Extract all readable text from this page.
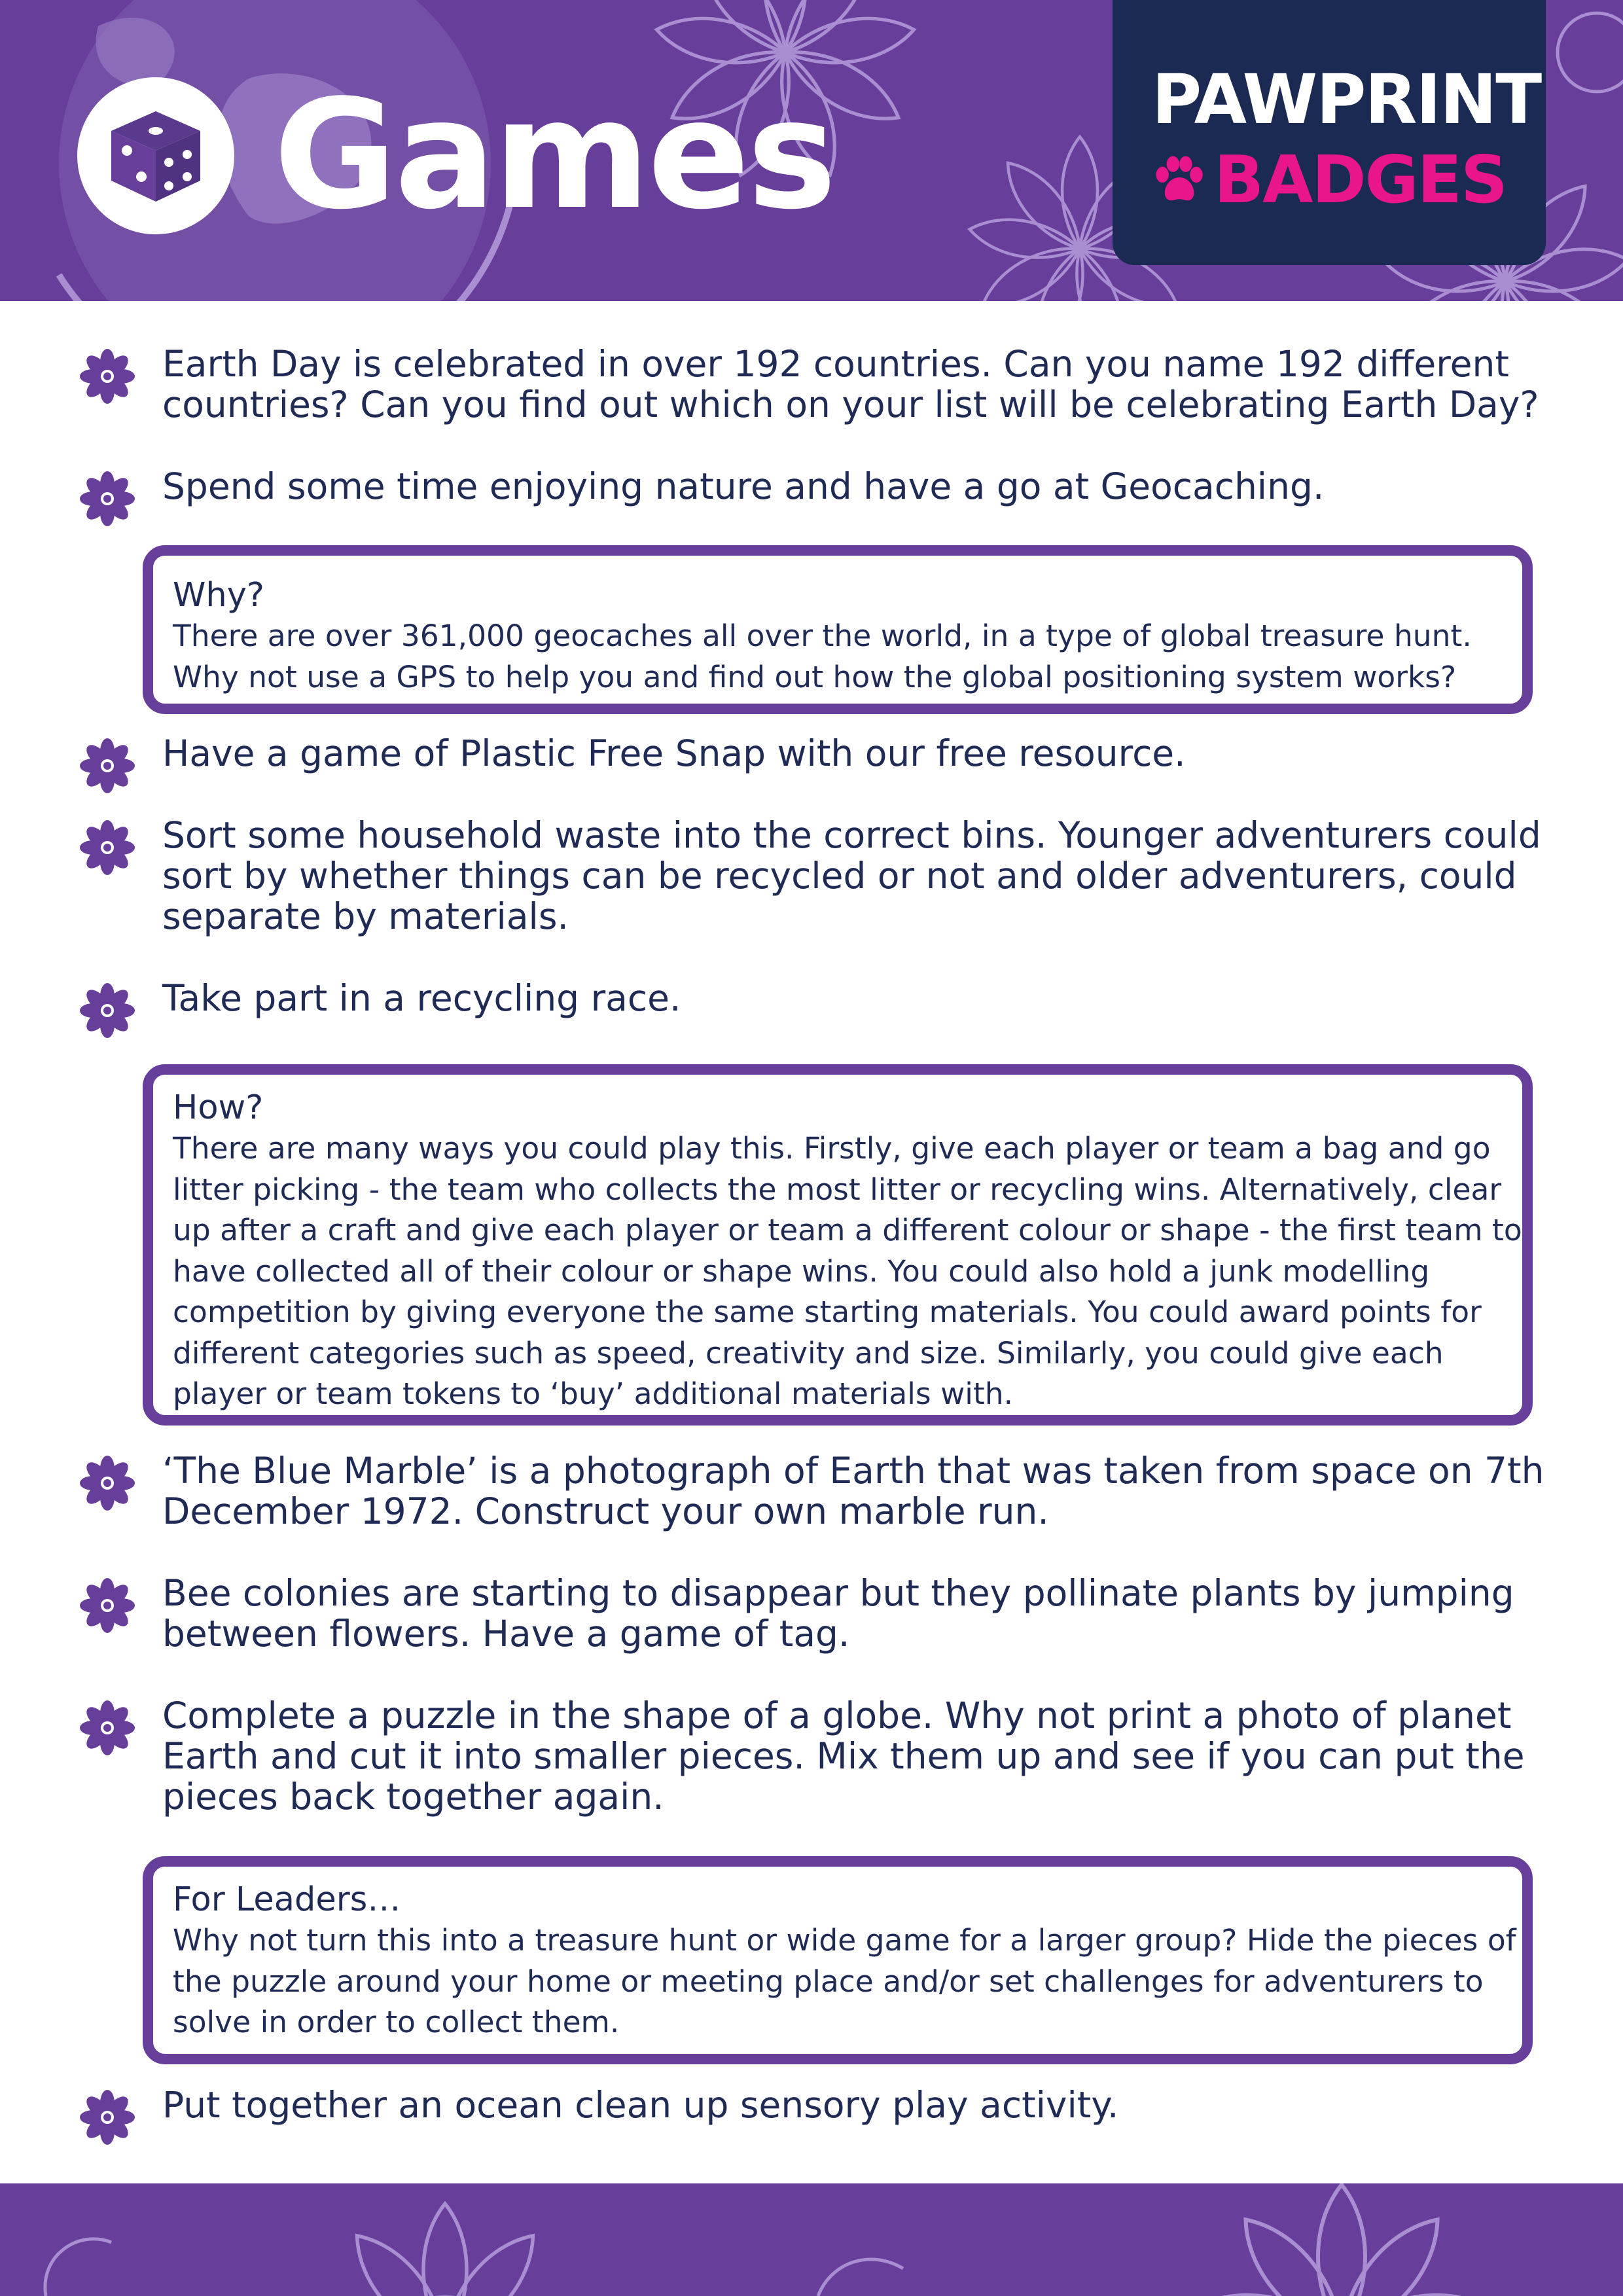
Games	PAWPRINT
BADGES
Earth Day is celebrated in over 192 countries. Can you name 192 different countries? Can you find out which on your list will be celebrating Earth Day?
Spend some time enjoying nature and have a go at Geocaching.
Why?
There are over 361,000 geocaches all over the world, in a type of global treasure hunt. Why not use a GPS to help you and find out how the global positioning system works?
Have a game of Plastic Free Snap with our free resource.
Sort some household waste into the correct bins. Younger adventurers could sort by whether things can be recycled or not and older adventurers, could separate by materials.
Take part in a recycling race.
How?
There are many ways you could play this. Firstly, give each player or team a bag and go litter picking - the team who collects the most litter or recycling wins. Alternatively, clear up after a craft and give each player or team a different colour or shape - the first team to have collected all of their colour or shape wins. You could also hold a junk modelling competition by giving everyone the same starting materials. You could award points for different categories such as speed, creativity and size. Similarly, you could give each player or team tokens to ‘buy’ additional materials with.
‘The Blue Marble’ is a photograph of Earth that was taken from space on 7th December 1972. Construct your own marble run.
Bee colonies are starting to disappear but they pollinate plants by jumping between flowers. Have a game of tag.
Complete a puzzle in the shape of a globe. Why not print a photo of planet Earth and cut it into smaller pieces. Mix them up and see if you can put the pieces back together again.
For Leaders…
Why not turn this into a treasure hunt or wide game for a larger group? Hide the pieces of the puzzle around your home or meeting place and/or set challenges for adventurers to solve in order to collect them.
Put together an ocean clean up sensory play activity.
